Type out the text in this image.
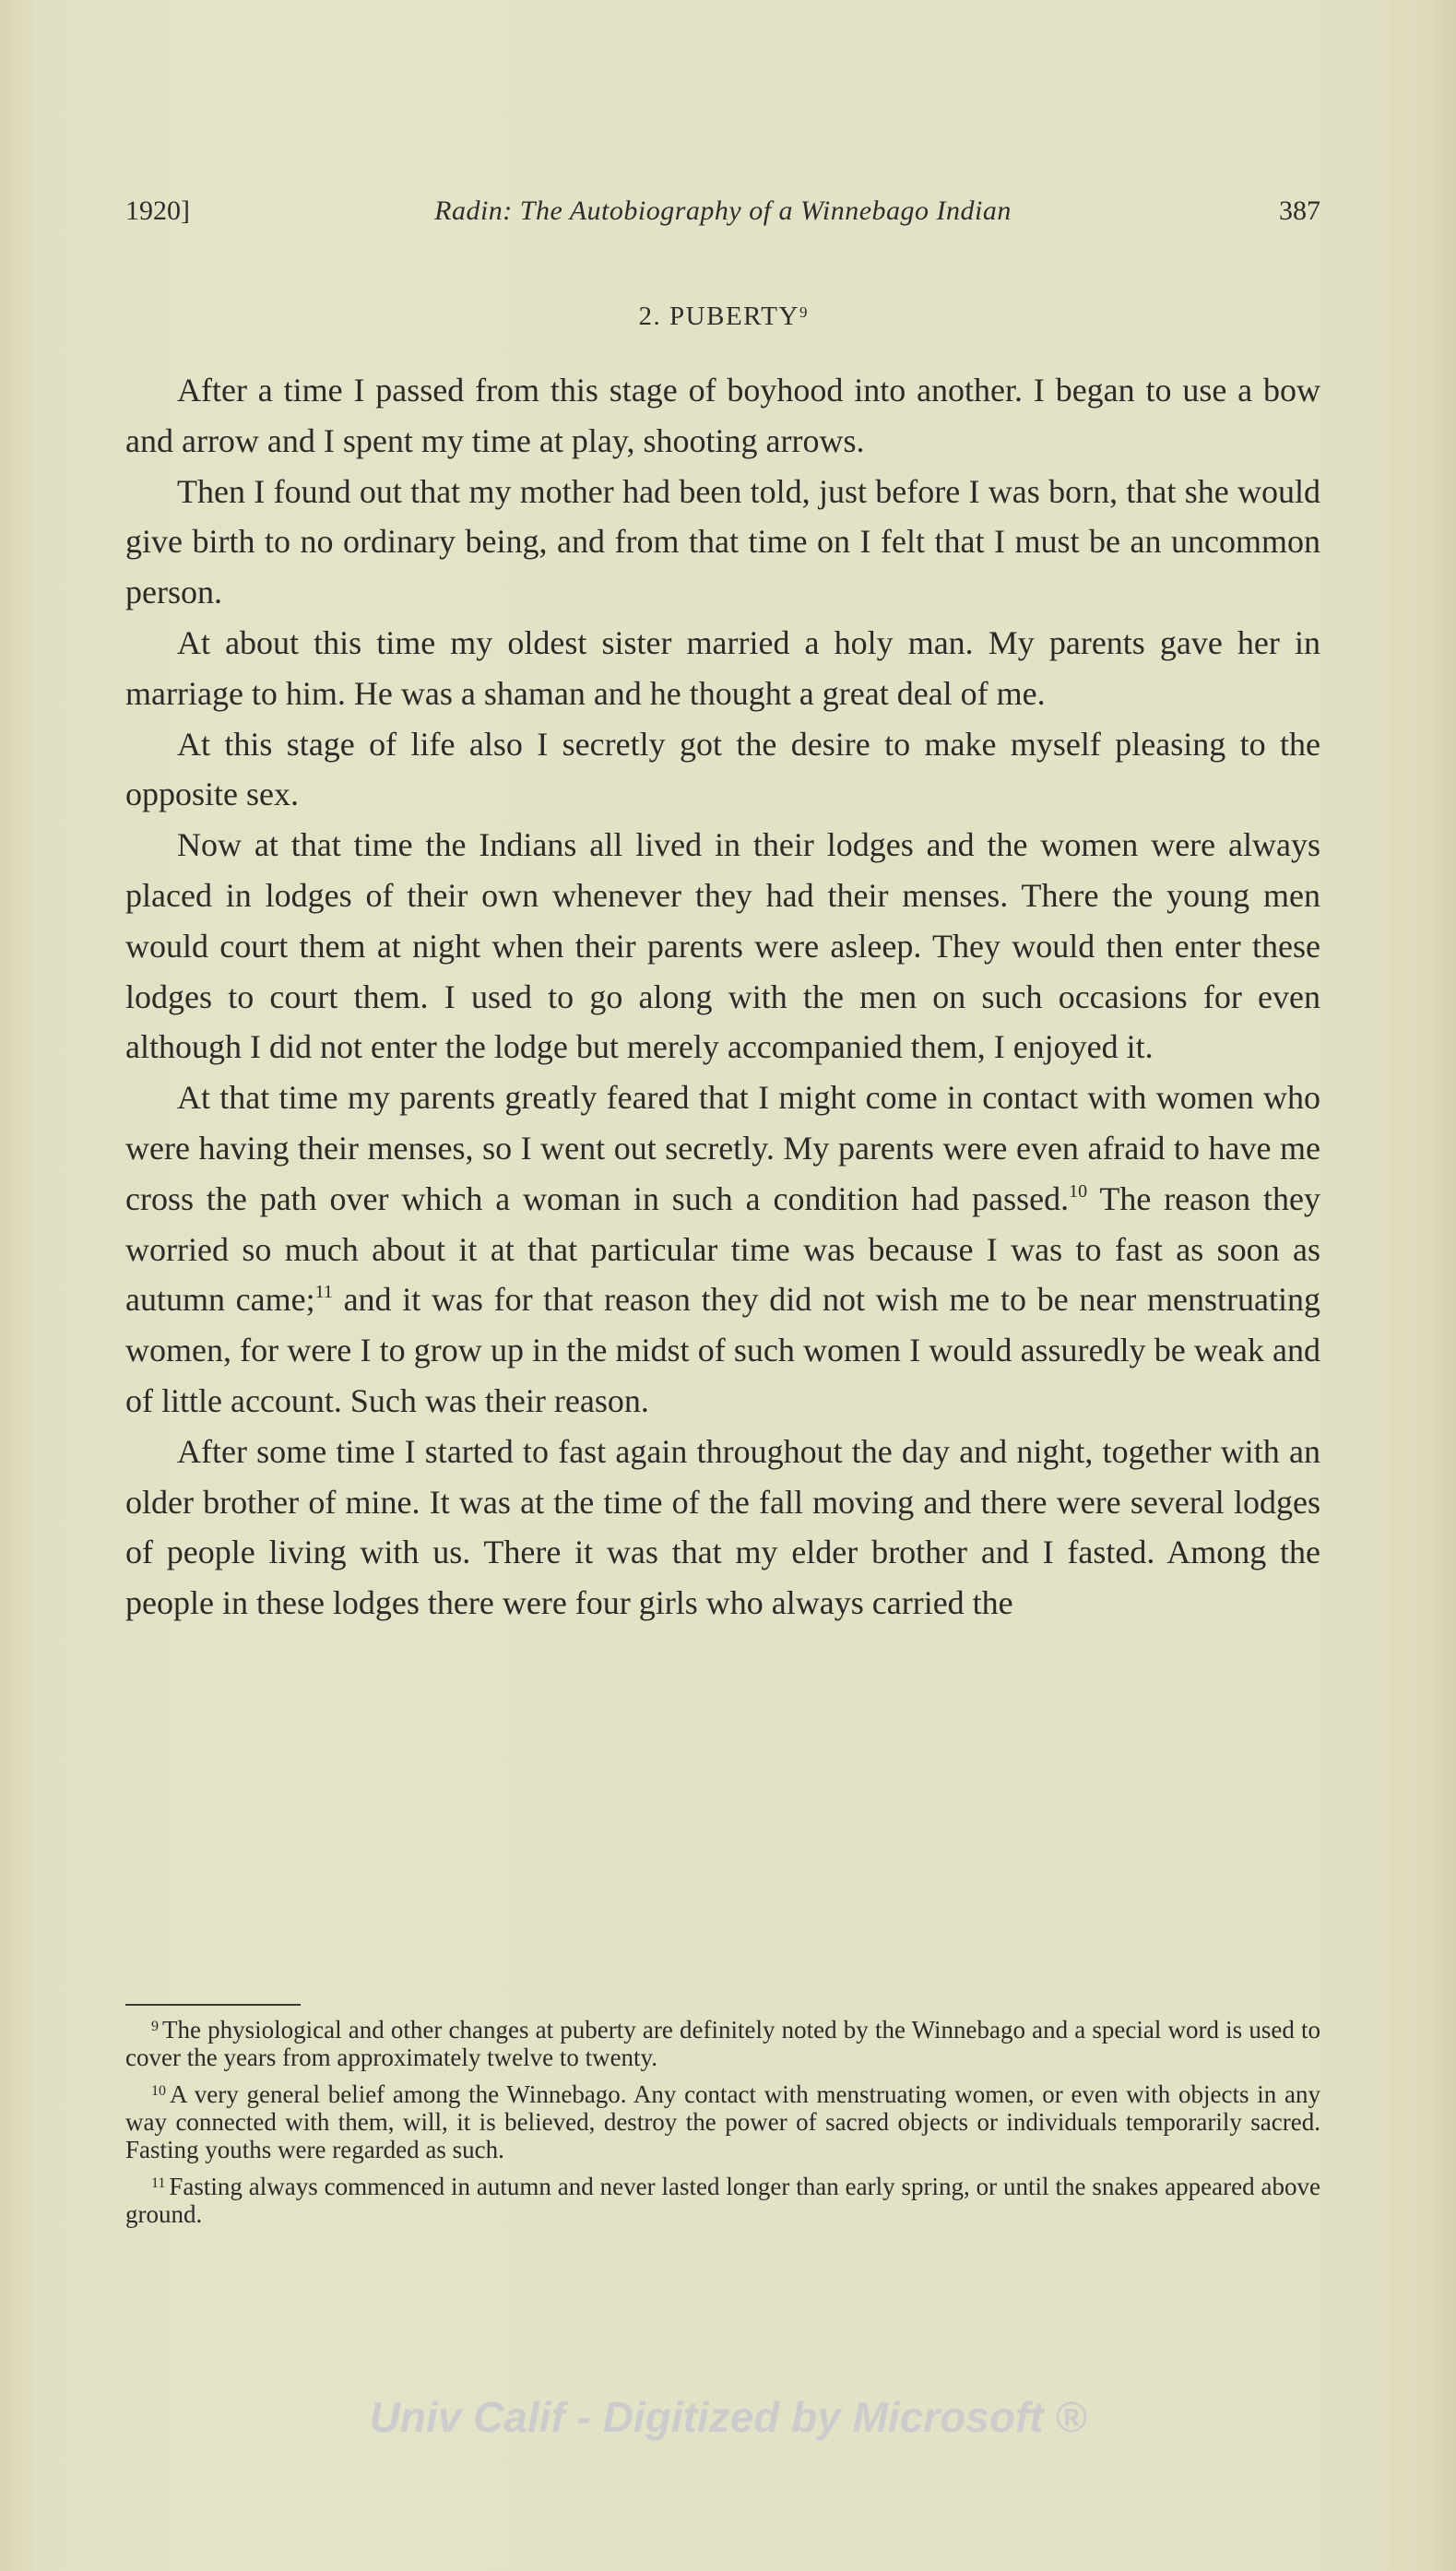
1920]	Radin: The Autobiography of a Winnebago Indian	387
2. PUBERTY$^9$

After a time I passed from this stage of boyhood into another. I began to use a bow and arrow and I spent my time at play, shooting arrows.

Then I found out that my mother had been told, just before I was born, that she would give birth to no ordinary being, and from that time on I felt that I must be an uncommon person.

At about this time my oldest sister married a holy man. My parents gave her in marriage to him. He was a shaman and he thought a great deal of me.

At this stage of life also I secretly got the desire to make myself pleasing to the opposite sex.

Now at that time the Indians all lived in their lodges and the women were always placed in lodges of their own whenever they had their menses. There the young men would court them at night when their parents were asleep. They would then enter these lodges to court them. I used to go along with the men on such occasions for even although I did not enter the lodge but merely accompanied them, I enjoyed it.

At that time my parents greatly feared that I might come in contact with women who were having their menses, so I went out secretly. My parents were even afraid to have me cross the path over which a woman in such a condition had passed.$^{10}$ The reason they worried so much about it at that particular time was because I was to fast as soon as autumn came;$^{11}$ and it was for that reason they did not wish me to be near menstruating women, for were I to grow up in the midst of such women I would assuredly be weak and of little account. Such was their reason.

After some time I started to fast again throughout the day and night, together with an older brother of mine. It was at the time of the fall moving and there were several lodges of people living with us. There it was that my elder brother and I fasted. Among the people in these lodges there were four girls who always carried the

$^9$ The physiological and other changes at puberty are definitely noted by the Winnebago and a special word is used to cover the years from approximately twelve to twenty.

$^{10}$ A very general belief among the Winnebago. Any contact with menstruating women, or even with objects in any way connected with them, will, it is believed, destroy the power of sacred objects or individuals temporarily sacred. Fasting youths were regarded as such.

$^{11}$ Fasting always commenced in autumn and never lasted longer than early spring, or until the snakes appeared above ground.

Univ Calif - Digitized by Microsoft ®
